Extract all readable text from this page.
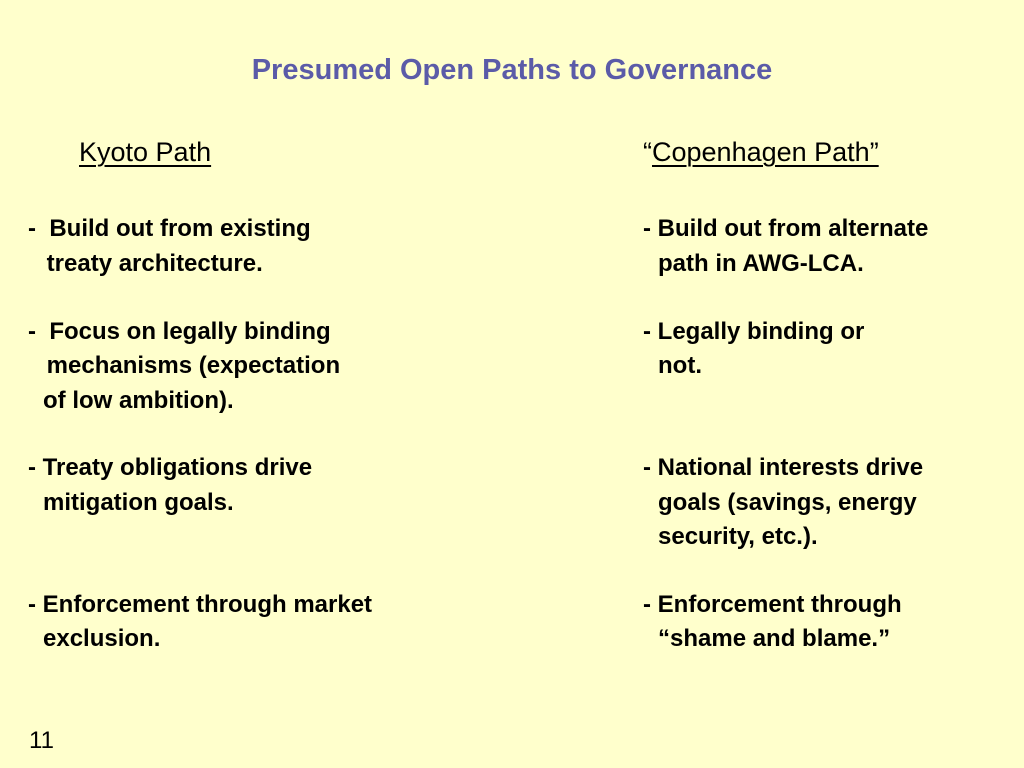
Presumed Open Paths to Governance
Kyoto Path	“Copenhagen Path”
-  Build out from existing
treaty architecture.
-  Focus on legally binding
mechanisms (expectation
of low ambition).
- Treaty obligations drive
mitigation goals.
- Enforcement through market
exclusion.
- Build out from alternate
path in AWG-LCA.
- Legally binding or
not.
- National interests drive
goals (savings, energy
security, etc.).
- Enforcement through
“shame and blame.”
11
